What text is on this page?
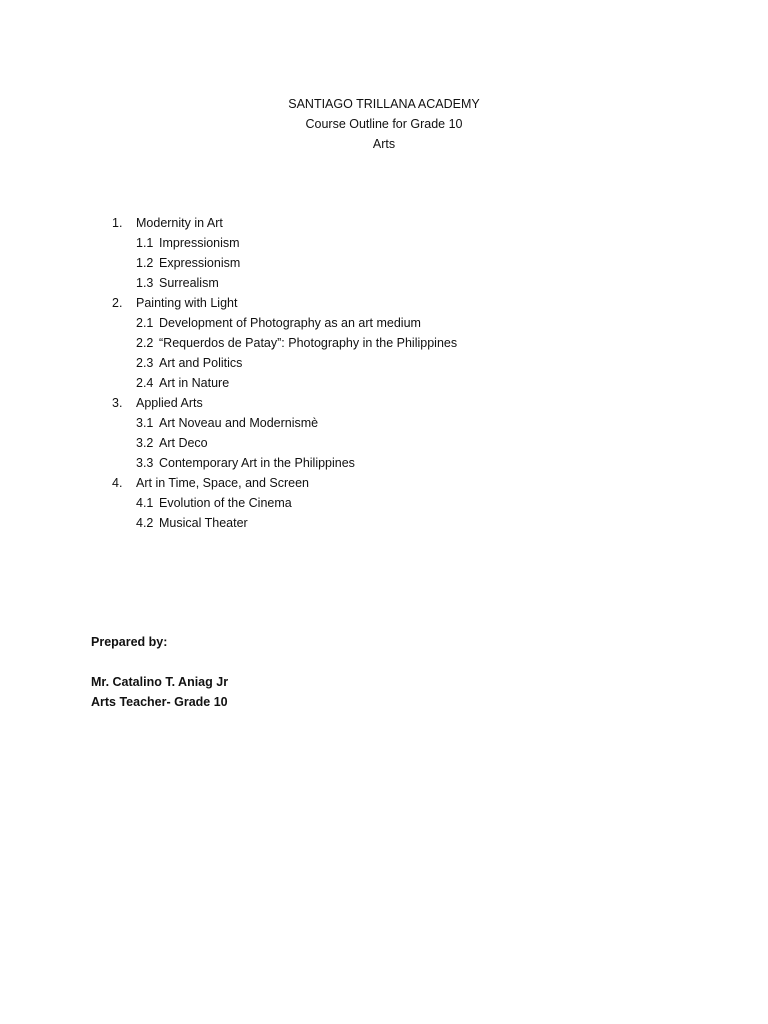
SANTIAGO TRILLANA ACADEMY
Course Outline for Grade 10
Arts
1.	Modernity in Art
1.1 Impressionism
1.2 Expressionism
1.3 Surrealism
2.	Painting with Light
2.1 Development of Photography as an art medium
2.2 “Requerdos de Patay”: Photography in the Philippines
2.3 Art and Politics
2.4 Art in Nature
3.	Applied Arts
3.1 Art Noveau and Modernismè
3.2 Art Deco
3.3 Contemporary Art in the Philippines
4.	Art in Time, Space, and Screen
4.1 Evolution of the Cinema
4.2 Musical Theater
Prepared by:
Mr. Catalino T. Aniag Jr
Arts Teacher- Grade 10
